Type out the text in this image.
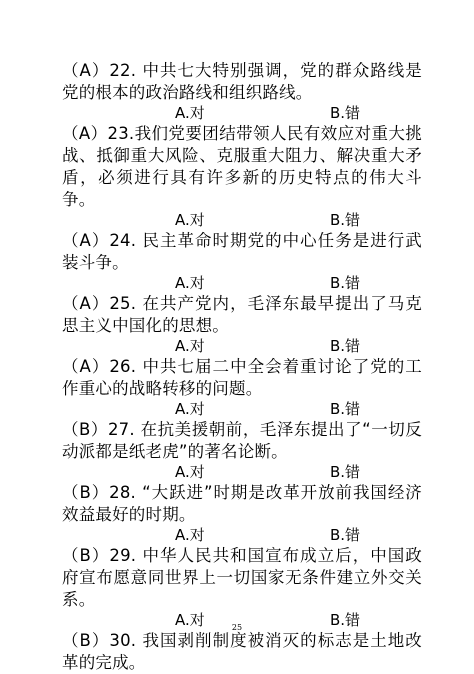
（A）22. 中共七大特别强调，党的群众路线是党的根本的政治路线和组织路线。
A.对	B.错
（A）23.我们党要团结带领人民有效应对重大挑战、抵御重大风险、克服重大阻力、解决重大矛盾，必须进行具有许多新的历史特点的伟大斗争。
A.对	B.错
（A）24. 民主革命时期党的中心任务是进行武装斗争。
A.对	B.错
（A）25. 在共产党内，毛泽东最早提出了马克思主义中国化的思想。
A.对	B.错
（A）26. 中共七届二中全会着重讨论了党的工作重心的战略转移的问题。
A.对	B.错
（B）27. 在抗美援朝前，毛泽东提出了“一切反动派都是纸老虎”的著名论断。
A.对	B.错
（B）28. “大跃进”时期是改革开放前我国经济效益最好的时期。
A.对	B.错
（B）29. 中华人民共和国宣布成立后，中国政府宣布愿意同世界上一切国家无条件建立外交关系。
A.对	B.错
（B）30. 我国剥削制度被消灭的标志是土地改革的完成。
25
